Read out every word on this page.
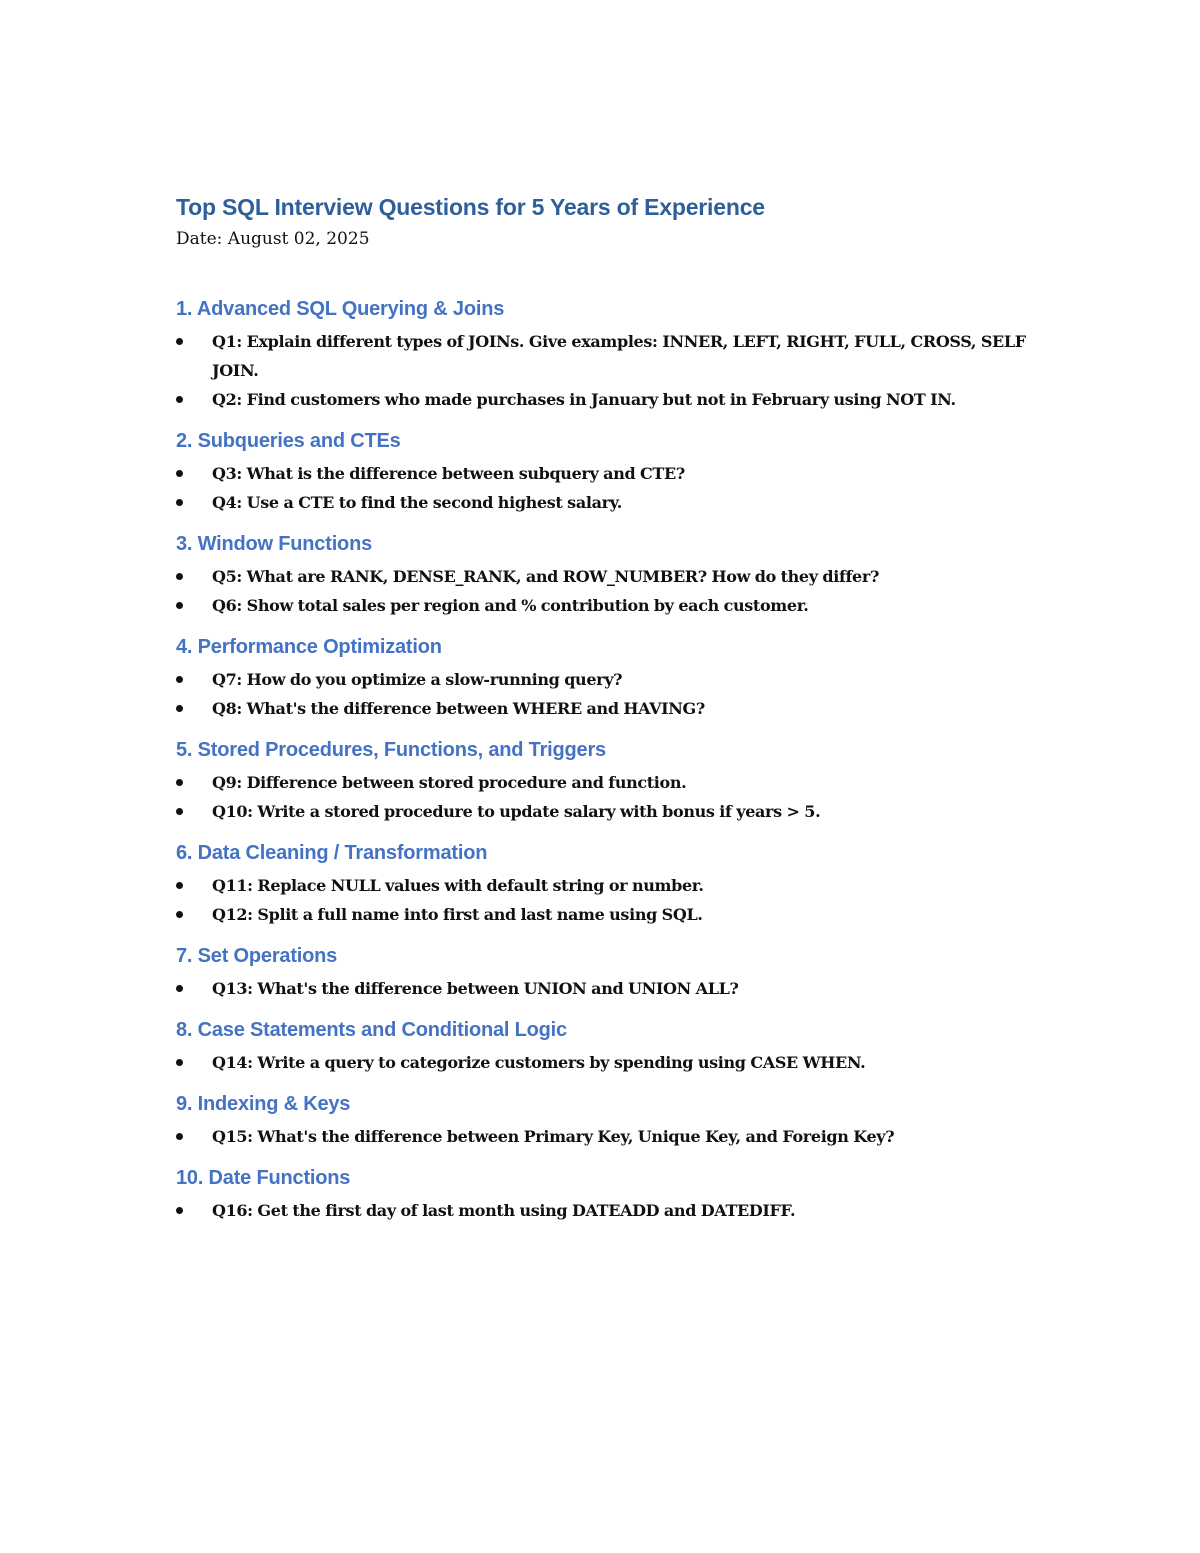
Top SQL Interview Questions for 5 Years of Experience

Date: August 02, 2025

1. Advanced SQL Querying & Joins
Q1: Explain different types of JOINs. Give examples: INNER, LEFT, RIGHT, FULL, CROSS, SELF JOIN.
Q2: Find customers who made purchases in January but not in February using NOT IN.
2. Subqueries and CTEs
Q3: What is the difference between subquery and CTE?
Q4: Use a CTE to find the second highest salary.
3. Window Functions
Q5: What are RANK, DENSE_RANK, and ROW_NUMBER? How do they differ?
Q6: Show total sales per region and % contribution by each customer.
4. Performance Optimization
Q7: How do you optimize a slow-running query?
Q8: What's the difference between WHERE and HAVING?
5. Stored Procedures, Functions, and Triggers
Q9: Difference between stored procedure and function.
Q10: Write a stored procedure to update salary with bonus if years > 5.
6. Data Cleaning / Transformation
Q11: Replace NULL values with default string or number.
Q12: Split a full name into first and last name using SQL.
7. Set Operations
Q13: What's the difference between UNION and UNION ALL?
8. Case Statements and Conditional Logic
Q14: Write a query to categorize customers by spending using CASE WHEN.
9. Indexing & Keys
Q15: What's the difference between Primary Key, Unique Key, and Foreign Key?
10. Date Functions
Q16: Get the first day of last month using DATEADD and DATEDIFF.
